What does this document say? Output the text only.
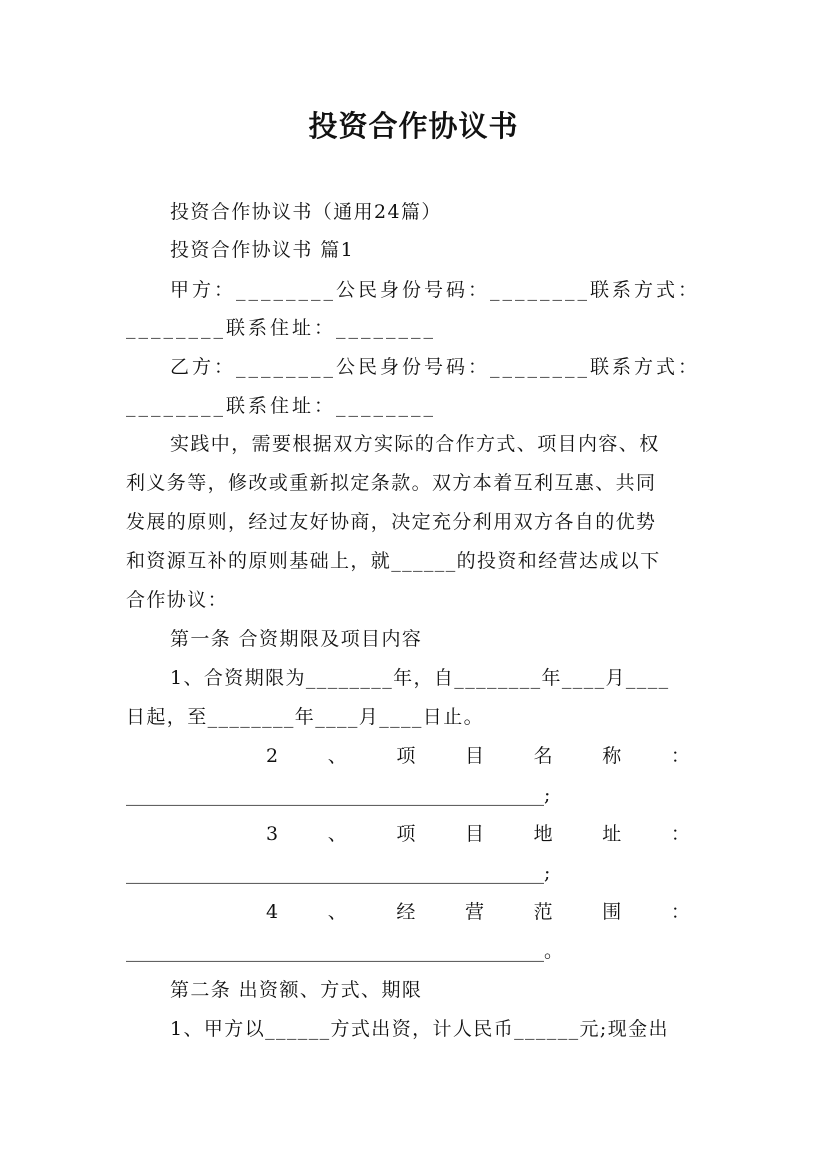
投资合作协议书
投资合作协议书（通用24篇）
投资合作协议书 篇1
甲方：________公民身份号码：________联系方式：
________联系住址：________
乙方：________公民身份号码：________联系方式：
________联系住址：________
实践中，需要根据双方实际的合作方式、项目内容、权
利义务等，修改或重新拟定条款。双方本着互利互惠、共同
发展的原则，经过友好协商，决定充分利用双方各自的优势
和资源互补的原则基础上，就______的投资和经营达成以下
合作协议：
第一条 合资期限及项目内容
1、合资期限为________年，自________年____月____
日起，至________年____月____日止。
2	、	项	目	名	称	：
____________________________________________;
3	、	项	目	地	址	：
____________________________________________;
4	、	经	营	范	围	：
____________________________________________。
第二条 出资额、方式、期限
1、甲方以______方式出资，计人民币______元;现金出
